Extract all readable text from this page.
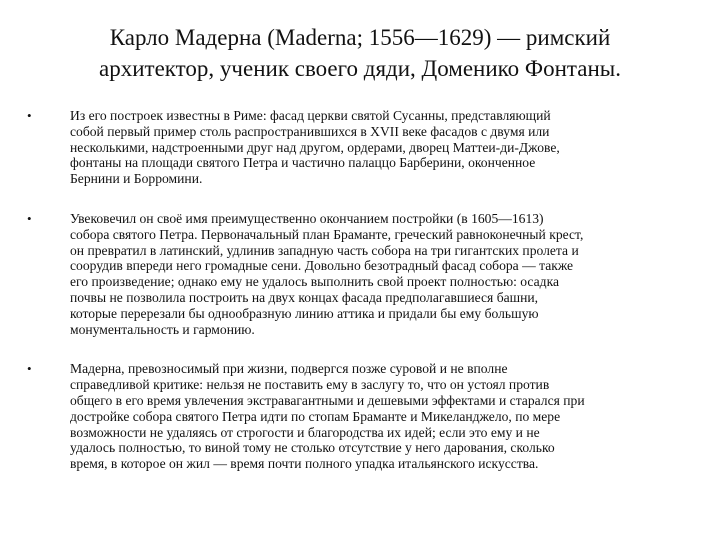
Карло Мадерна (Maderna; 1556—1629) — римский
архитектор, ученик своего дяди, Доменико Фонтаны.
•	Из его построек известны в Риме: фасад церкви святой Сусанны, представляющий
собой первый пример столь распространившихся в XVII веке фасадов с двумя или
несколькими, надстроенными друг над другом, ордерами, дворец Маттеи-ди-Джове,
фонтаны на площади святого Петра и частично палаццо Барберини, оконченное
Бернини и Борромини.
•	Увековечил он своё имя преимущественно окончанием постройки (в 1605—1613)
собора святого Петра. Первоначальный план Браманте, греческий равноконечный крест,
он превратил в латинский, удлинив западную часть собора на три гигантских пролета и
соорудив впереди него громадные сени. Довольно безотрадный фасад собора — также
его произведение; однако ему не удалось выполнить свой проект полностью: осадка
почвы не позволила построить на двух концах фасада предполагавшиеся башни,
которые перерезали бы однообразную линию аттика и придали бы ему большую
монументальность и гармонию.
•	Мадерна, превозносимый при жизни, подвергся позже суровой и не вполне
справедливой критике: нельзя не поставить ему в заслугу то, что он устоял против
общего в его время увлечения экстравагантными и дешевыми эффектами и старался при
достройке собора святого Петра идти по стопам Браманте и Микеланджело, по мере
возможности не удаляясь от строгости и благородства их идей; если это ему и не
удалось полностью, то виной тому не столько отсутствие у него дарования, сколько
время, в которое он жил — время почти полного упадка итальянского искусства.
